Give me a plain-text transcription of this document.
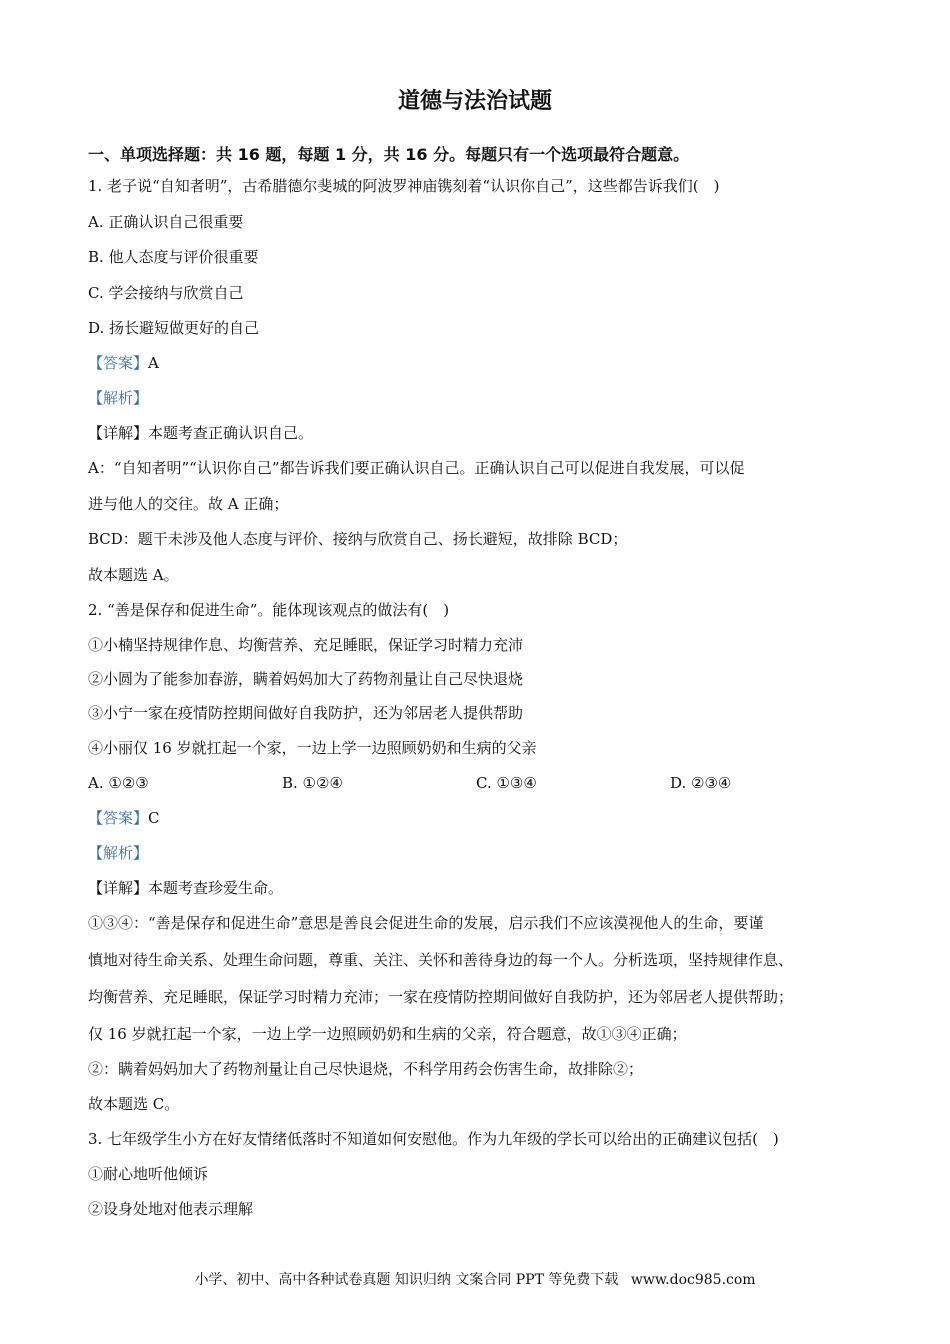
道德与法治试题
一、单项选择题：共 16 题，每题 1 分，共 16 分。每题只有一个选项最符合题意。
1. 老子说“自知者明”，古希腊德尔斐城的阿波罗神庙镌刻着“认识你自己”，这些都告诉我们(　)
A. 正确认识自己很重要
B. 他人态度与评价很重要
C. 学会接纳与欣赏自己
D. 扬长避短做更好的自己
【答案】A
【解析】
【详解】本题考查正确认识自己。
A：“自知者明”“认识你自己”都告诉我们要正确认识自己。正确认识自己可以促进自我发展，可以促
进与他人的交往。故 A 正确；
BCD：题干未涉及他人态度与评价、接纳与欣赏自己、扬长避短，故排除 BCD；
故本题选 A。
2. “善是保存和促进生命”。能体现该观点的做法有(　)
①小楠坚持规律作息、均衡营养、充足睡眠，保证学习时精力充沛
②小圆为了能参加春游，瞒着妈妈加大了药物剂量让自己尽快退烧
③小宁一家在疫情防控期间做好自我防护，还为邻居老人提供帮助
④小丽仅 16 岁就扛起一个家，一边上学一边照顾奶奶和生病的父亲
A. ①②③	B. ①②④	C. ①③④	D. ②③④
【答案】C
【解析】
【详解】本题考查珍爱生命。
①③④：“善是保存和促进生命”意思是善良会促进生命的发展，启示我们不应该漠视他人的生命，要谨
慎地对待生命关系、处理生命问题，尊重、关注、关怀和善待身边的每一个人。分析选项，坚持规律作息、
均衡营养、充足睡眠，保证学习时精力充沛；一家在疫情防控期间做好自我防护，还为邻居老人提供帮助；
仅 16 岁就扛起一个家，一边上学一边照顾奶奶和生病的父亲，符合题意，故①③④正确；
②：瞒着妈妈加大了药物剂量让自己尽快退烧，不科学用药会伤害生命，故排除②；
故本题选 C。
3. 七年级学生小方在好友情绪低落时不知道如何安慰他。作为九年级的学长可以给出的正确建议包括(　)
①耐心地听他倾诉
②设身处地对他表示理解
小学、初中、高中各种试卷真题 知识归纳 文案合同 PPT 等免费下载 www.doc985.com
